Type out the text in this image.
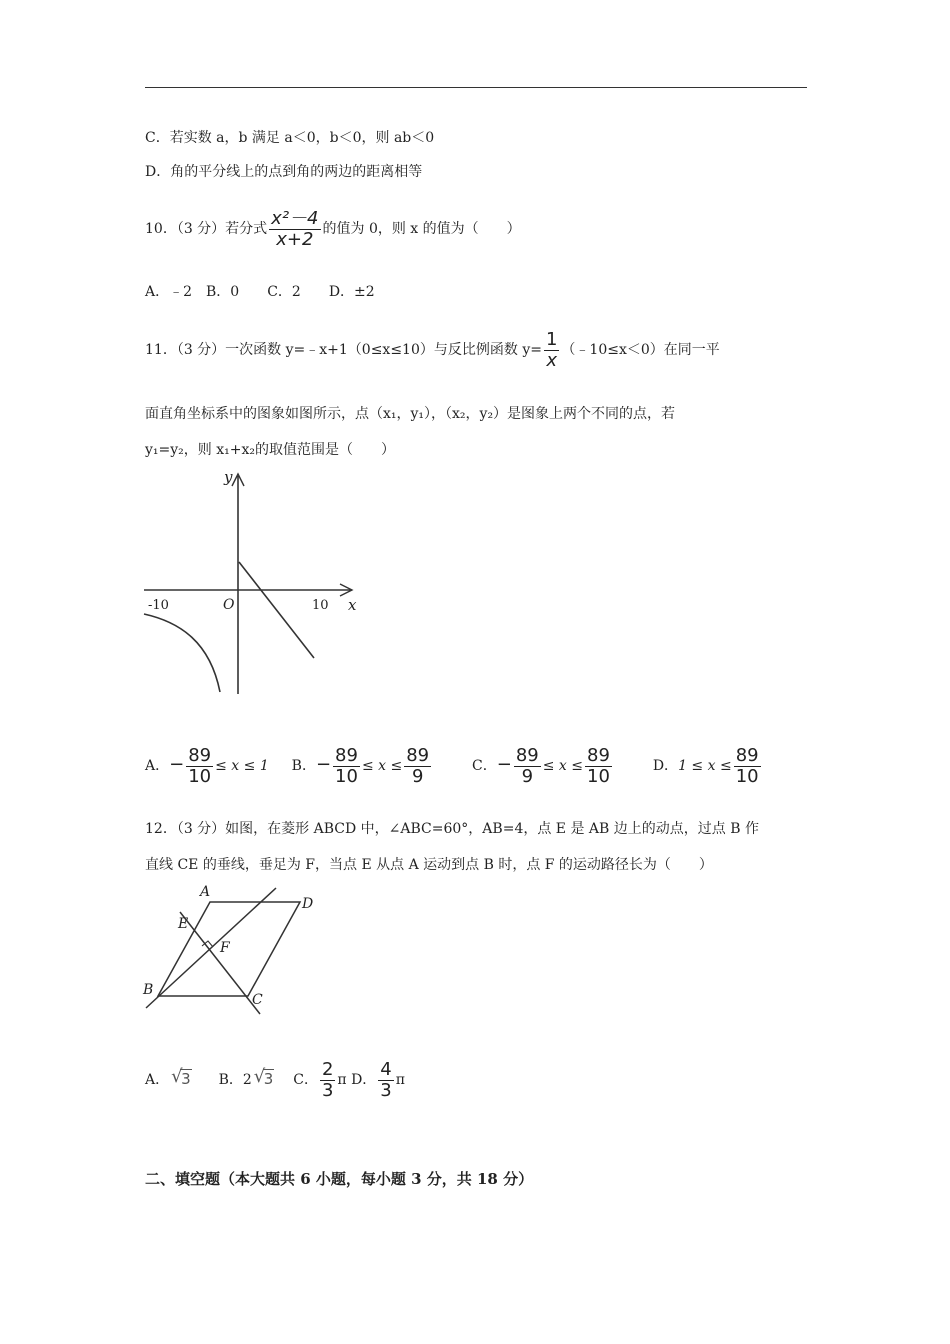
C．若实数 a，b 满足 a＜0，b＜0，则 ab＜0
D．角的平分线上的点到角的两边的距离相等
10．（3 分）若分式 $\frac{\text{x²－4}}{x+2}$ 的值为 0，则 x 的值为（　　）
A．﹣2　B．0　　C．2　　D．±2
11．（3 分）一次函数 y=﹣x+1（0≤x≤10）与反比例函数 $y= \frac{1}{x}$ （﹣10≤x＜0）在同一平
面直角坐标系中的图象如图所示，点（x₁，y₁），（x₂，y₂）是图象上两个不同的点，若
y₁=y₂，则 x₁+x₂的取值范围是（　　）
y
x
-10	O	10
A．− $\frac{89}{10} \le x \le 1$ B．− $\frac{89}{10} \le x \le \frac{89}{9}$	C．− $\frac{89}{9} \le x \le \frac{89}{10}$	D．$1 \le x \le \frac{89}{10}$
12．（3 分）如图，在菱形 ABCD 中，∠ABC=60°，AB=4，点 E 是 AB 边上的动点，过点 B 作
直线 CE 的垂线，垂足为 F，当点 E 从点 A 运动到点 B 时，点 F 的运动路径长为（　　）
A
D
E
F
B
C
A． √
3 B．2 √
3 C． $\frac{2}{3}$ π D． $\frac{4}{3}$ π
二、填空题（本大题共 6 小题，每小题 3 分，共 18 分）
